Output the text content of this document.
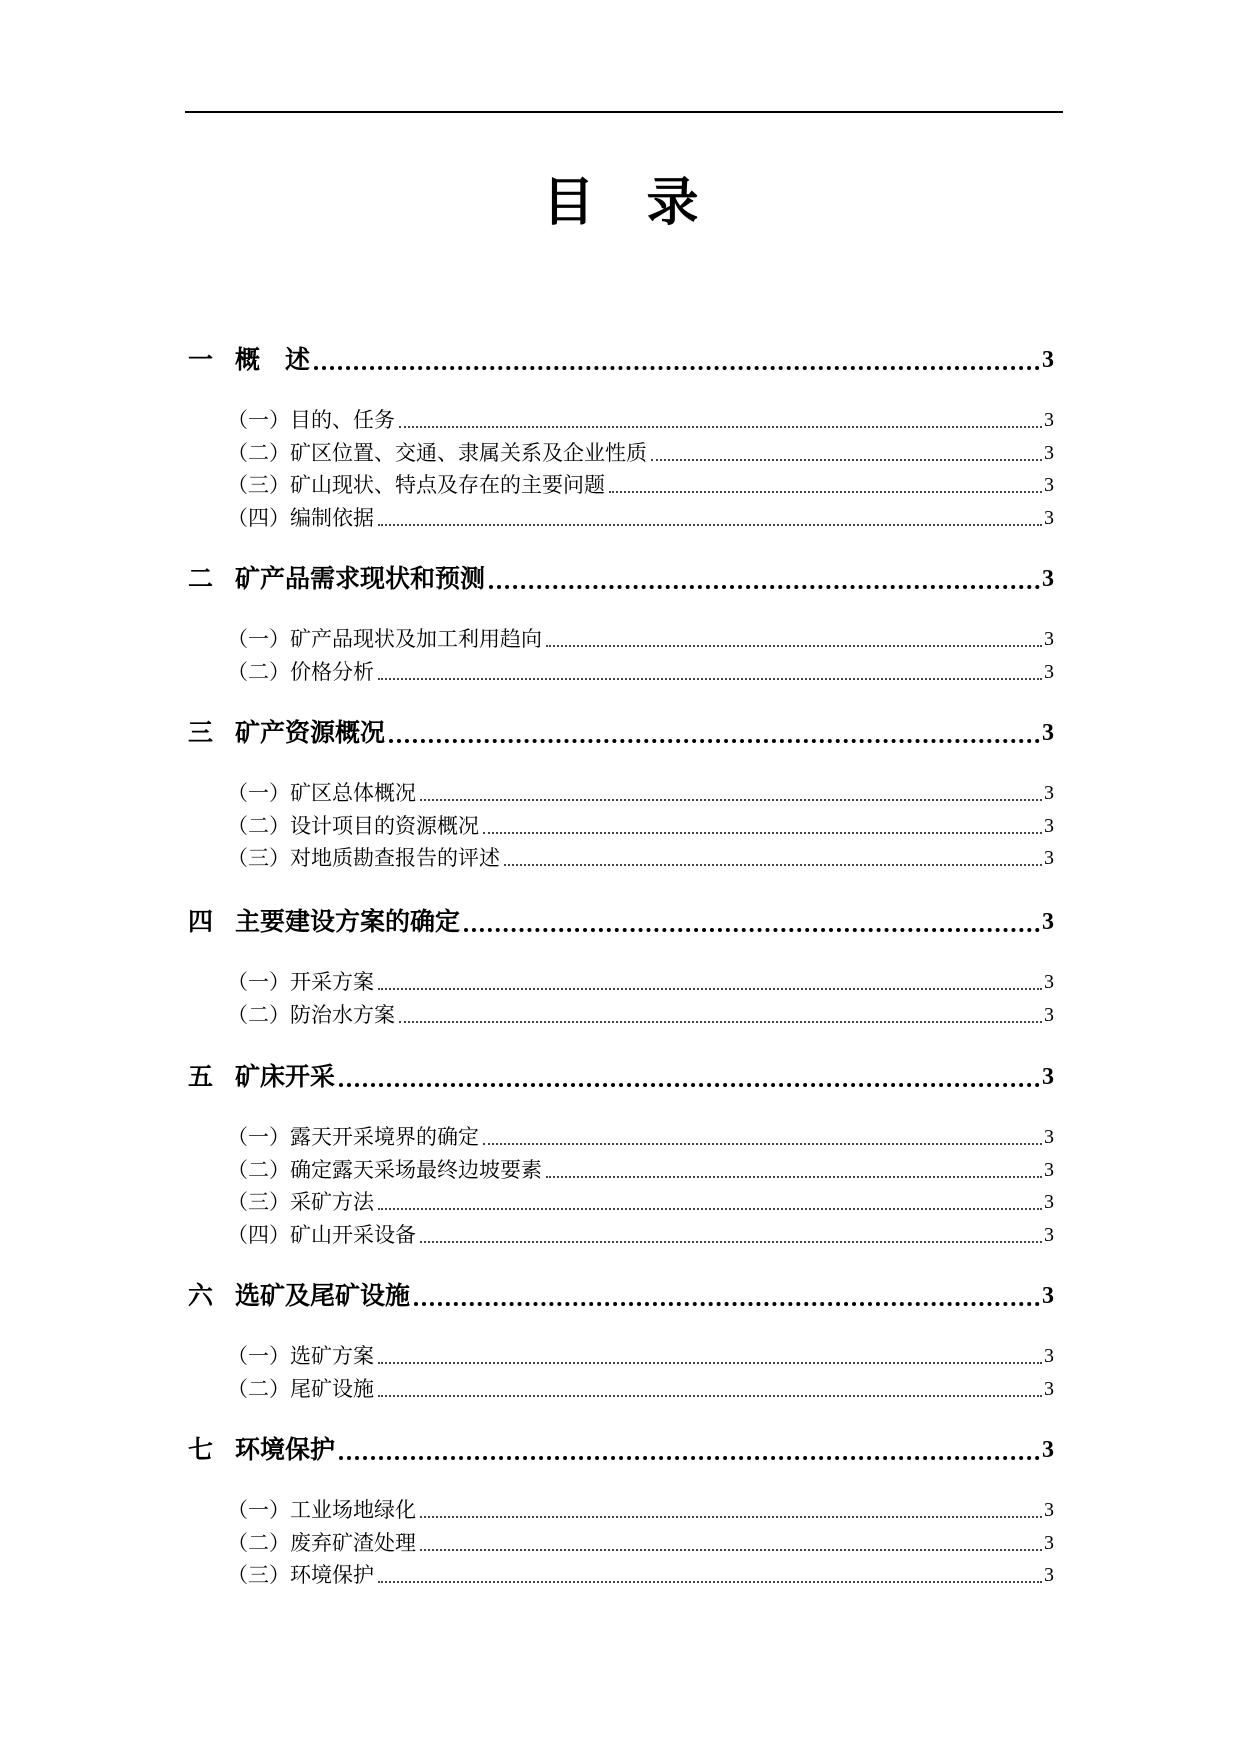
目　录
一 概　述	3
（一）目的、任务	3
（二）矿区位置、交通、隶属关系及企业性质	3
（三）矿山现状、特点及存在的主要问题	3
（四）编制依据	3
二 矿产品需求现状和预测	3
（一）矿产品现状及加工利用趋向	3
（二）价格分析	3
三 矿产资源概况	3
（一）矿区总体概况	3
（二）设计项目的资源概况	3
（三）对地质勘查报告的评述	3
四 主要建设方案的确定	3
（一）开采方案	3
（二）防治水方案	3
五 矿床开采	3
（一）露天开采境界的确定	3
（二）确定露天采场最终边坡要素	3
（三）采矿方法	3
（四）矿山开采设备	3
六 选矿及尾矿设施	3
（一）选矿方案	3
（二）尾矿设施	3
七 环境保护	3
（一）工业场地绿化	3
（二）废弃矿渣处理	3
（三）环境保护	3
